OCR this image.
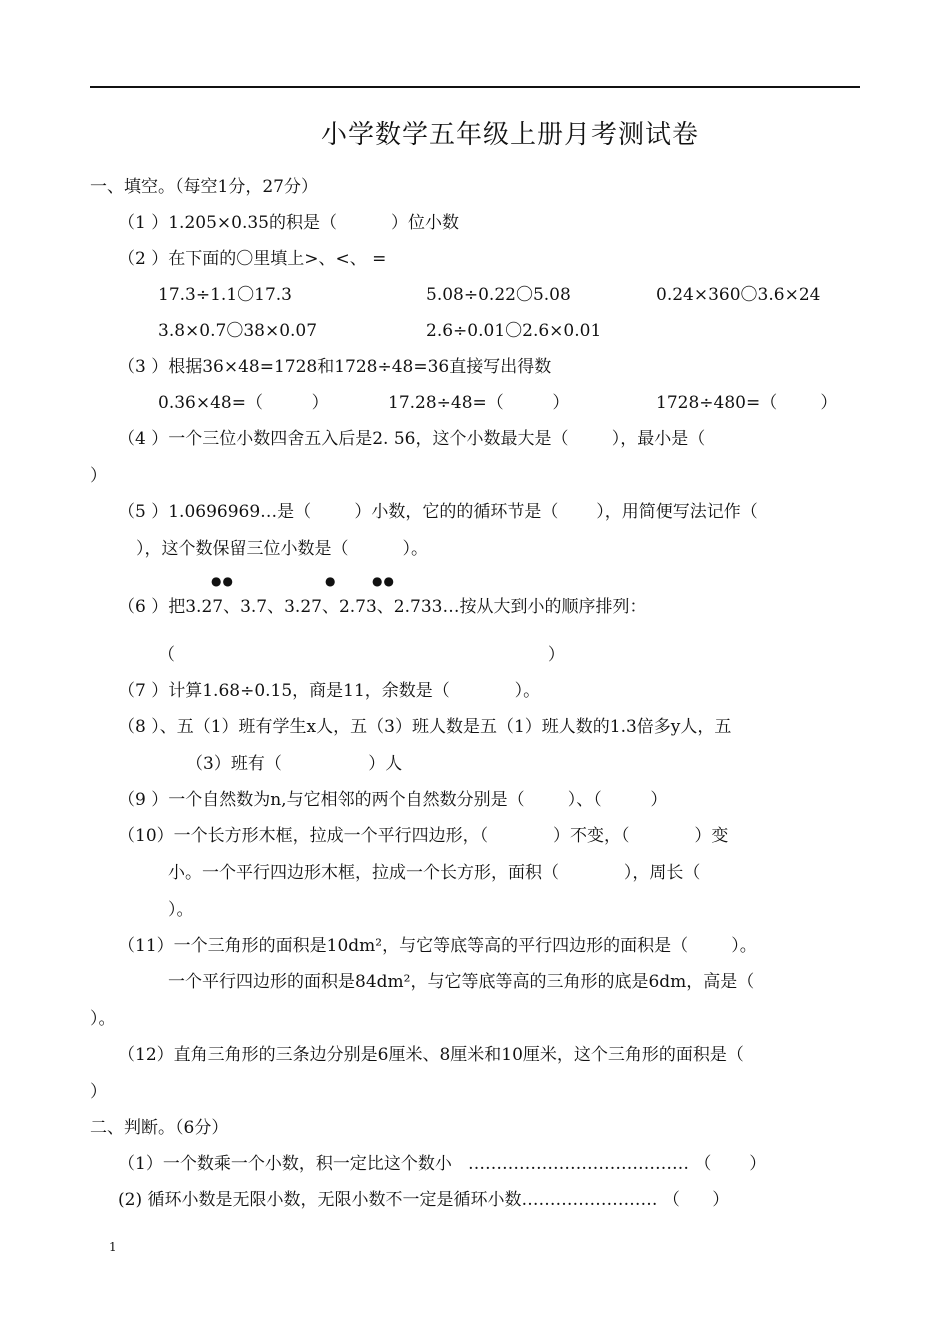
小学数学五年级上册月考测试卷
一、填空。（每空1分，27分）
（1 ）1.205×0.35的积是（          ）位小数
（2 ）在下面的〇里填上>、<、 =
17.3÷1.1〇17.3	5.08÷0.22〇5.08	0.24×360〇3.6×24
3.8×0.7〇38×0.07	2.6÷0.01〇2.6×0.01
（3 ）根据36×48=1728和1728÷48=36直接写出得数
0.36×48=（         ）	17.28÷48=（         ）	1728÷480=（        ）
（4 ）一个三位小数四舍五入后是2. 56，这个小数最大是（        ），最小是（
）
（5 ）1.0696969…是（        ）小数，它的的循环节是（       ），用简便写法记作（
），这个数保留三位小数是（          ）。
●●	●	●●
（6 ）把3.27、3.7、3.27、2.73、2.733…按从大到小的顺序排列：
（                                                                     ）
（7 ）计算1.68÷0.15，商是11，余数是（            ）。
（8 ）、五（1）班有学生x人，五（3）班人数是五（1）班人数的1.3倍多y人，五
（3）班有（                ）人
（9 ）一个自然数为n,与它相邻的两个自然数分别是（        ）、（         ）
（10）一个长方形木框，拉成一个平行四边形，（            ）不变，（            ）变
小。一个平行四边形木框，拉成一个长方形，面积（            ），周长（
）。
（11）一个三角形的面积是10dm²，与它等底等高的平行四边形的面积是（        ）。
一个平行四边形的面积是84dm²，与它等底等高的三角形的底是6dm，高是（
）。
（12）直角三角形的三条边分别是6厘米、8厘米和10厘米，这个三角形的面积是（
）
二、判断。（6分）
（1）一个数乘一个小数，积一定比这个数小   ………………………………… （       ）
(2) 循环小数是无限小数，无限小数不一定是循环小数…………………… （      ）
1
